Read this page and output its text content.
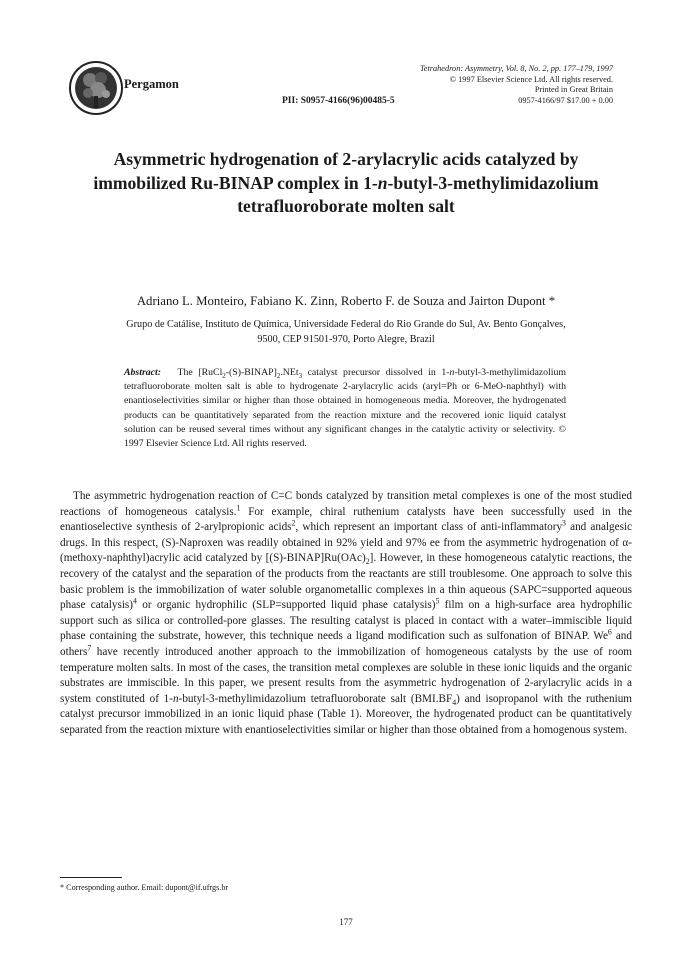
Pergamon
Tetrahedron: Asymmetry, Vol. 8, No. 2, pp. 177–179, 1997
© 1997 Elsevier Science Ltd. All rights reserved.
Printed in Great Britain
0957-4166/97 $17.00 + 0.00
PII: S0957-4166(96)00485-5
Asymmetric hydrogenation of 2-arylacrylic acids catalyzed by
immobilized Ru-BINAP complex in 1-n-butyl-3-methylimidazolium
tetrafluoroborate molten salt
Adriano L. Monteiro, Fabiano K. Zinn, Roberto F. de Souza and Jairton Dupont *
Grupo de Catálise, Instituto de Química, Universidade Federal do Rio Grande do Sul, Av. Bento Gonçalves,
9500, CEP 91501-970, Porto Alegre, Brazil
Abstract: The $[RuCl_2-(S)-BINAP]_2.NEt_3$ catalyst precursor dissolved in 1-n-butyl-3-methylimidazolium tetrafluoroborate molten salt is able to hydrogenate 2-arylacrylic acids (aryl=Ph or 6-MeO-naphthyl) with enantioselectivities similar or higher than those obtained in homogeneous media. Moreover, the hydrogenated products can be quantitatively separated from the reaction mixture and the recovered ionic liquid catalyst solution can be reused several times without any significant changes in the catalytic activity or selectivity. © 1997 Elsevier Science Ltd. All rights reserved.
The asymmetric hydrogenation reaction of C=C bonds catalyzed by transition metal complexes is one of the most studied reactions of homogeneous catalysis.$^1$ For example, chiral ruthenium catalysts have been successfully used in the enantioselective synthesis of 2-arylpropionic acids$^2$, which represent an important class of anti-inflammatory$^3$ and analgesic drugs. In this respect, (S)-Naproxen was readily obtained in 92% yield and 97% ee from the asymmetric hydrogenation of α-(methoxy-naphthyl)acrylic acid catalyzed by $[(S)-BINAP]Ru(OAc)_2$]. However, in these homogeneous catalytic reactions, the recovery of the catalyst and the separation of the products from the reactants are still troublesome. One approach to solve this basic problem is the immobilization of water soluble organometallic complexes in a thin aqueous (SAPC=supported aqueous phase catalysis)$^4$ or organic hydrophilic (SLP=supported liquid phase catalysis)$^5$ film on a high-surface area hydrophilic support such as silica or controlled-pore glasses. The resulting catalyst is placed in contact with a water–immiscible liquid phase containing the substrate, however, this technique needs a ligand modification such as sulfonation of BINAP. We$^6$ and others$^7$ have recently introduced another approach to the immobilization of homogeneous catalysts by the use of room temperature molten salts. In most of the cases, the transition metal complexes are soluble in these ionic liquids and the organic substrates are immiscible. In this paper, we present results from the asymmetric hydrogenation of 2-arylacrylic acids in a system constituted of 1-n-butyl-3-methylimidazolium tetrafluoroborate salt $(BMI.BF_4)$ and isopropanol with the ruthenium catalyst precursor immobilized in an ionic liquid phase (Table 1). Moreover, the hydrogenated product can be quantitatively separated from the reaction mixture with enantioselectivities similar or higher than those obtained from a homogenous system.
* Corresponding author. Email: dupont@if.ufrgs.br
177
